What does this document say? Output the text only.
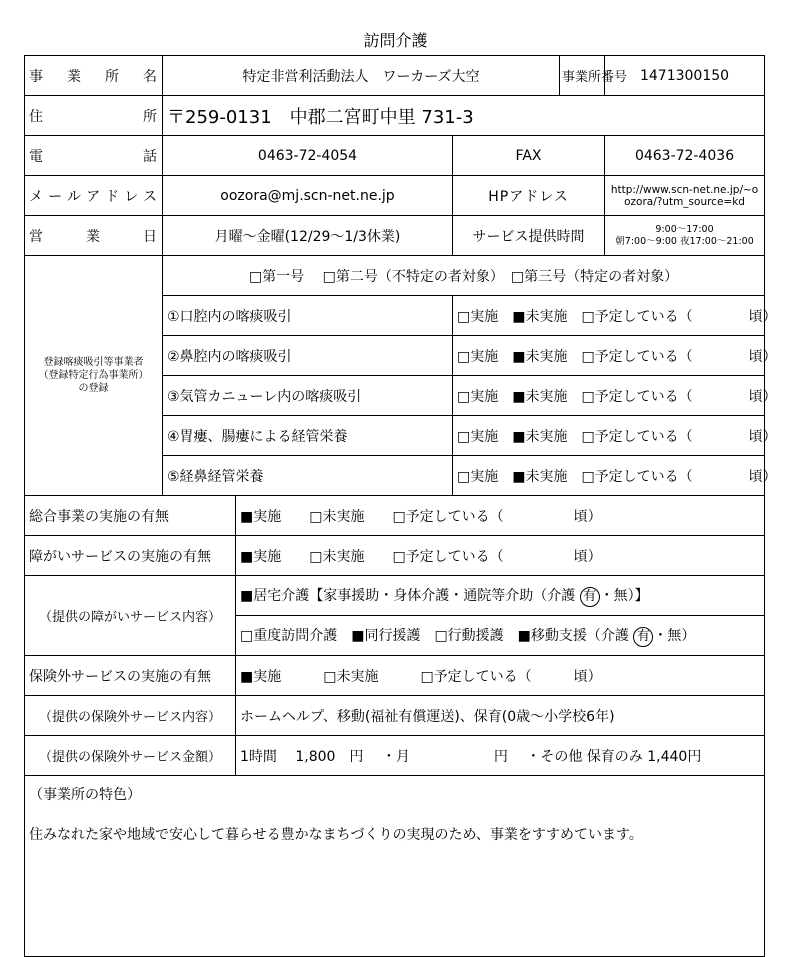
訪問介護
事業所名	特定非営利活動法人　ワーカーズ大空			事業所番号	1471300150
住所	〒259-0131　中郡二宮町中里 731-3				
電話	0463-72-4054		FAX		0463-72-4036
メールアドレス	oozora@mj.scn-net.ne.jp		HPアドレス		http://www.scn-net.ne.jp/~oozora/?utm_source=kd
営業日	月曜～金曜(12/29～1/3休業)		サービス提供時間		9:00～17:00
朝7:00～9:00 夜17:00～21:00

登録喀痰吸引等事業者
（登録特定行為事業所）
の登録	□第一号　 □第二号（不特定の者対象）　□第三号（特定の者対象）				
	①口腔内の喀痰吸引		□実施　■未実施　□予定している（　　　　頃）		
	②鼻腔内の喀痰吸引		□実施　■未実施　□予定している（　　　　頃）		
	③気管カニューレ内の喀痰吸引		□実施　■未実施　□予定している（　　　　頃）		
	④胃瘻、腸瘻による経管栄養		□実施　■未実施　□予定している（　　　　頃）		
	⑤経鼻経管栄養		□実施　■未実施　□予定している（　　　　頃）		
総合事業の実施の有無		■実施　　□未実施　　□予定している（　　　　　頃）			
障がいサービスの実施の有無		■実施　　□未実施　　□予定している（　　　　　頃）			
（提供の障がいサービス内容）		■居宅介護【家事援助・身体介護・通院等介助（介護 有 ・無）】			
		□重度訪問介護　■同行援護　□行動援護　■移動支援（介護 有 ・無）			
保険外サービスの実施の有無		■実施　　　□未実施　　　□予定している（　　　頃）			
（提供の保険外サービス内容）		ホームヘルプ、移動(福祉有償運送)、保育(0歳～小学校6年)			
（提供の保険外サービス金額）		1時間　 1,800　円　 ・月　　　　　　円　 ・その他 保育のみ 1,440円			

（事業所の特色）

住みなれた家や地域で安心して暮らせる豊かなまちづくりの実現のため、事業をすすめています。					
